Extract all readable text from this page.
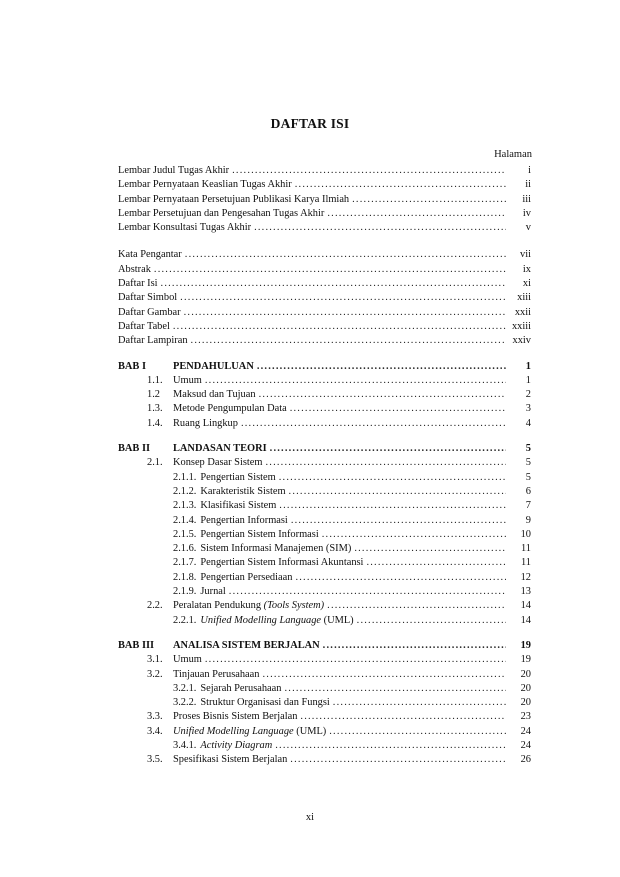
DAFTAR ISI
Halaman
Lembar Judul Tugas Akhir .....	i
Lembar Pernyataan Keaslian Tugas Akhir .....	ii
Lembar Pernyataan Persetujuan Publikasi Karya Ilmiah .....	iii
Lembar Persetujuan dan Pengesahan Tugas Akhir .....	iv
Lembar Konsultasi Tugas Akhir .....	v
Kata Pengantar .....	vii
Abstrak .....	ix
Daftar Isi .....	xi
Daftar Simbol .....	xiii
Daftar Gambar .....	xxii
Daftar Tabel .....	xxiii
Daftar Lampiran .....	xxiv
BAB I	PENDAHULUAN .....	1
1.1.	Umum .....	1
1.2	Maksud dan Tujuan .....	2
1.3.	Metode Pengumpulan Data .....	3
1.4.	Ruang Lingkup .....	4
BAB II	LANDASAN TEORI .....	5
2.1.	Konsep Dasar Sistem .....	5
2.1.1. Pengertian Sistem .....	5
2.1.2. Karakteristik Sistem .....	6
2.1.3. Klasifikasi Sistem .....	7
2.1.4. Pengertian Informasi .....	9
2.1.5. Pengertian Sistem Informasi .....	10
2.1.6. Sistem Informasi Manajemen (SIM) .....	11
2.1.7. Pengertian Sistem Informasi Akuntansi .....	11
2.1.8. Pengertian Persediaan .....	12
2.1.9. Jurnal .....	13
2.2.	Peralatan Pendukung (Tools System) .....	14
2.2.1. Unified Modelling Language (UML) .....	14
BAB III	ANALISA SISTEM BERJALAN .....	19
3.1.	Umum .....	19
3.2.	Tinjauan Perusahaan .....	20
3.2.1. Sejarah Perusahaan .....	20
3.2.2. Struktur Organisasi dan Fungsi .....	20
3.3.	Proses Bisnis Sistem Berjalan .....	23
3.4.	Unified Modelling Language (UML) .....	24
3.4.1. Activity Diagram .....	24
3.5.	Spesifikasi Sistem Berjalan .....	26
xi
